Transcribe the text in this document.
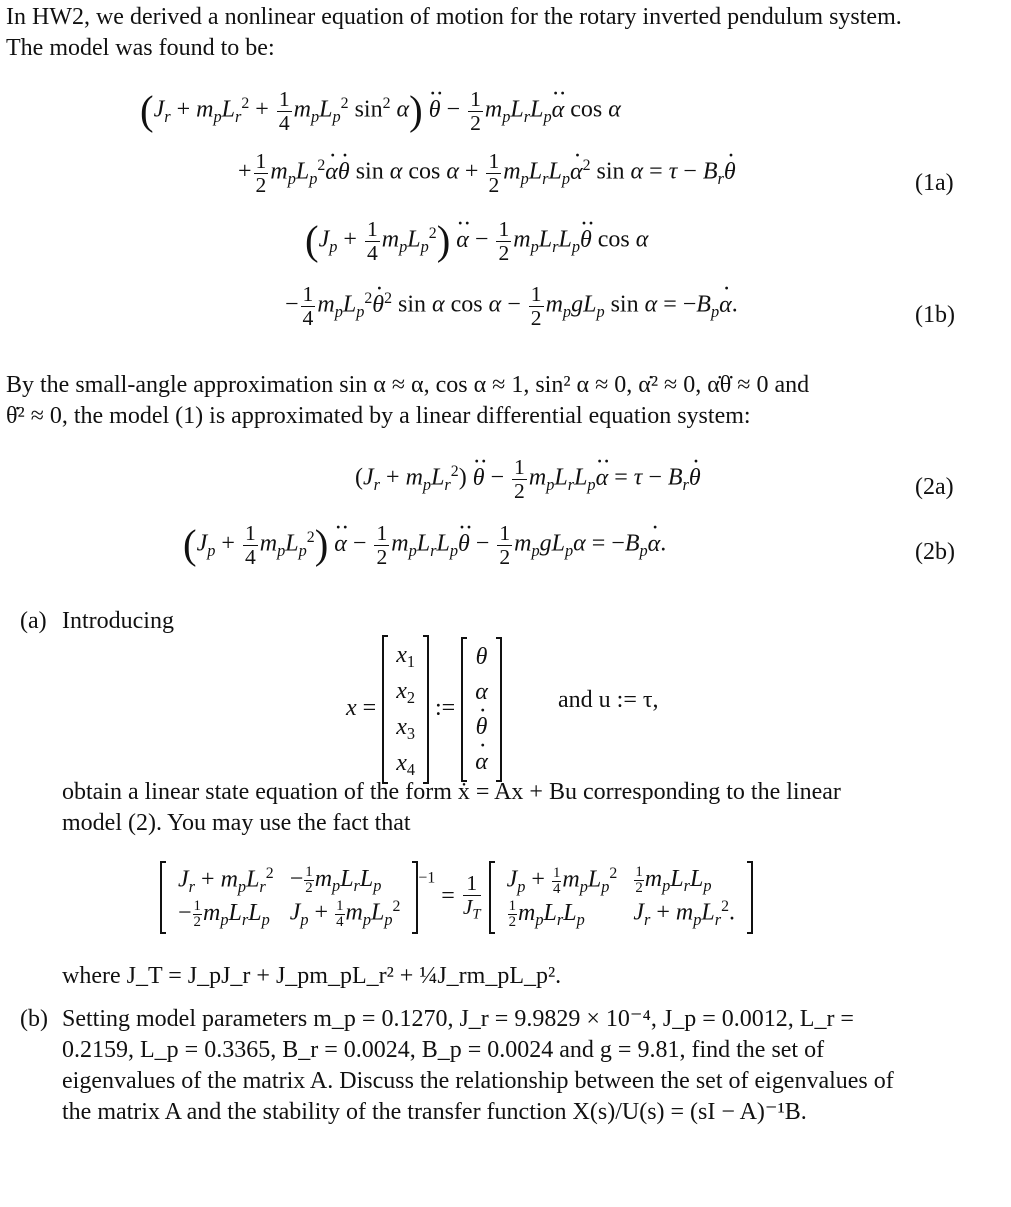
In HW2, we derived a nonlinear equation of motion for the rotary inverted pendulum system.
The model was found to be:
($J_r + m_pL_r^2 + \frac{1}{4} m_pL_p^2$ $\sin^2 \alpha) \cdot\cdot \theta - \frac{1}{2} m_pL_rL_p\cdot\cdot \alpha$ cos α
+ $\frac{1}{2} m_pL_p^2\cdot \alpha\cdot \theta$ sin α $\cos \alpha + \frac{1}{2} m_pL_rL_p\cdot \alpha^2$ $\sin \alpha = \tau - B_r\cdot \theta$	(1a)
$(J_p + \frac{1}{4} m_pL_p^2) \cdot\cdot \alpha - \frac{1}{2} m_pL_rL_p\cdot\cdot \theta$ cos α
− $\frac{1}{4} m_pL_p^2\cdot \theta^2$ sin α $\cos \alpha - \frac{1}{2} m_pgL_p$ $\sin \alpha = -B_p\cdot \alpha$.	(1b)
By the small-angle approximation sin α ≈ α, cos α ≈ 1, sin² α ≈ 0, α̇² ≈ 0, α̇θ̇ ≈ 0 and
θ̇² ≈ 0, the model (1) is approximated by a linear differential equation system:
$(J_r + m_pL_r^2) \cdot\cdot \theta - \frac{1}{2} m_pL_rL_p\cdot\cdot \alpha = \tau - B_r\cdot \theta$	(2a)
$(J_p + \frac{1}{4} m_pL_p^2) \cdot\cdot \alpha - \frac{1}{2} m_pL_rL_p\cdot\cdot \theta - \frac{1}{2} m_pgL_p\alpha = -B_p\cdot \alpha$.	(2b)
(a) Introducing
x =
$x_1$
$x_2$
$x_3$
$x_4$
:=
θ
α
· θ
· α
and u := τ,
obtain a linear state equation of the form ẋ = Ax + Bu corresponding to the linear
model (2). You may use the fact that
$J_r + m_pL_r^2$	− $\frac{1}{2} m_pL_rL_p$
− $\frac{1}{2} m_pL_rL_p$	$J_p + \frac{1}{4} m_pL_p^2$
$^{-1} = \frac{1}{J_T}$
$J_p + \frac{1}{4} m_pL_p^2$	$\frac{1}{2} m_pL_rL_p$

$\frac{1}{2} m_pL_rL_p$	$J_r + m_pL_r^2$.
where J_T = J_pJ_r + J_pm_pL_r² + ¼J_rm_pL_p².
(b) Setting model parameters m_p = 0.1270, J_r = 9.9829 × 10⁻⁴, J_p = 0.0012, L_r =
0.2159, L_p = 0.3365, B_r = 0.0024, B_p = 0.0024 and g = 9.81, find the set of
eigenvalues of the matrix A. Discuss the relationship between the set of eigenvalues of
the matrix A and the stability of the transfer function X(s)/U(s) = (sI − A)⁻¹B.
